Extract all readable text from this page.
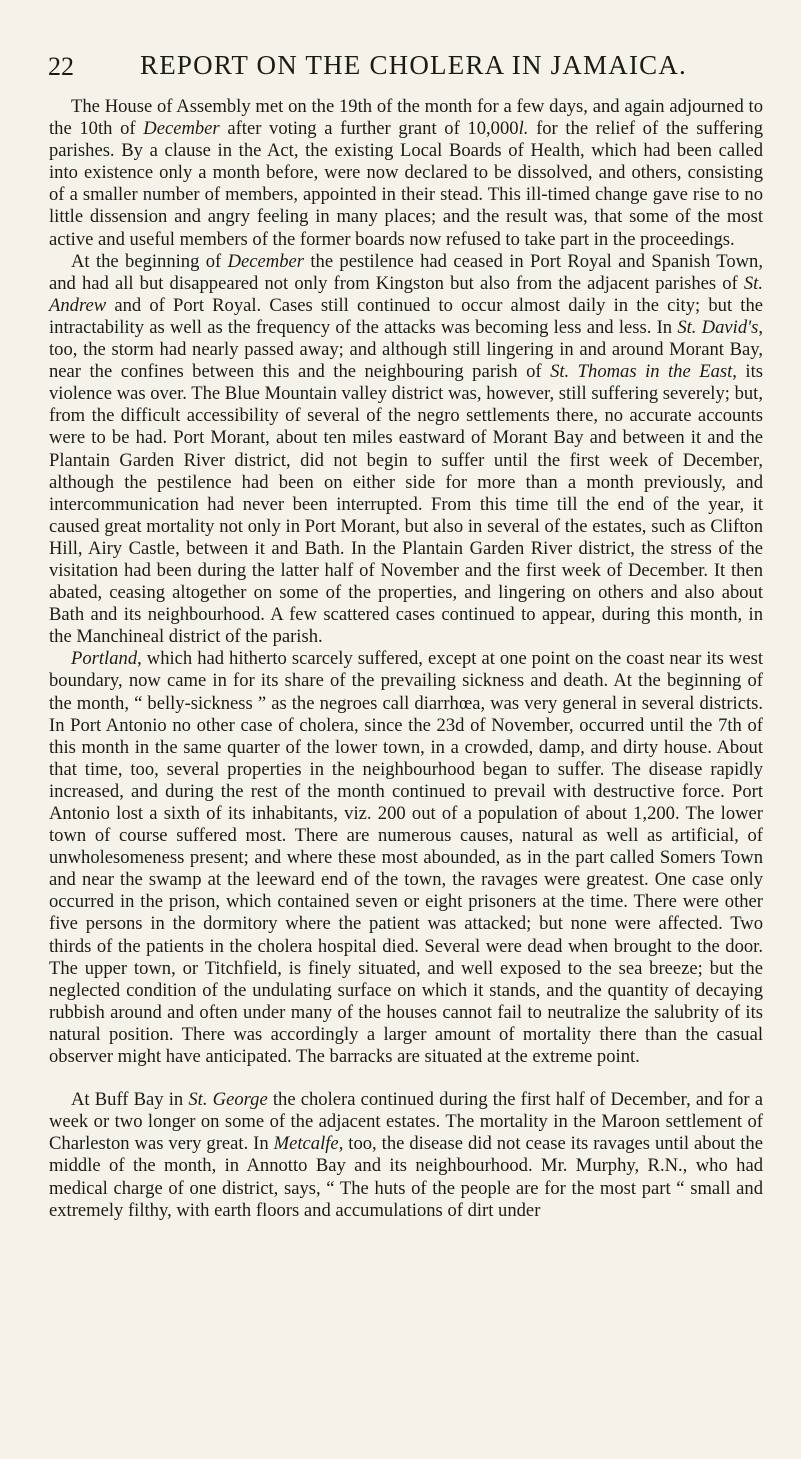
22 REPORT ON THE CHOLERA IN JAMAICA.

The House of Assembly met on the 19th of the month for a few days, and again adjourned to the 10th of December after voting a further grant of 10,000l. for the relief of the suffering parishes. By a clause in the Act, the existing Local Boards of Health, which had been called into existence only a month before, were now declared to be dissolved, and others, consisting of a smaller number of members, appointed in their stead. This ill-timed change gave rise to no little dissension and angry feeling in many places; and the result was, that some of the most active and useful members of the former boards now refused to take part in the proceedings.

At the beginning of December the pestilence had ceased in Port Royal and Spanish Town, and had all but disappeared not only from Kingston but also from the adjacent parishes of St. Andrew and of Port Royal. Cases still continued to occur almost daily in the city; but the intractability as well as the frequency of the attacks was becoming less and less. In St. David's, too, the storm had nearly passed away; and although still lingering in and around Morant Bay, near the confines between this and the neighbouring parish of St. Thomas in the East, its violence was over. The Blue Mountain valley district was, however, still suffering severely; but, from the difficult accessibility of several of the negro settlements there, no accurate accounts were to be had. Port Morant, about ten miles eastward of Morant Bay and between it and the Plantain Garden River district, did not begin to suffer until the first week of December, although the pestilence had been on either side for more than a month previously, and intercommunication had never been interrupted. From this time till the end of the year, it caused great mortality not only in Port Morant, but also in several of the estates, such as Clifton Hill, Airy Castle, between it and Bath. In the Plantain Garden River district, the stress of the visitation had been during the latter half of November and the first week of December. It then abated, ceasing altogether on some of the properties, and lingering on others and also about Bath and its neighbourhood. A few scattered cases continued to appear, during this month, in the Manchineal district of the parish.

Portland, which had hitherto scarcely suffered, except at one point on the coast near its west boundary, now came in for its share of the prevailing sickness and death. At the beginning of the month, “ belly-sickness ” as the negroes call diarrhœa, was very general in several districts. In Port Antonio no other case of cholera, since the 23d of November, occurred until the 7th of this month in the same quarter of the lower town, in a crowded, damp, and dirty house. About that time, too, several properties in the neighbourhood began to suffer. The disease rapidly increased, and during the rest of the month continued to prevail with destructive force. Port Antonio lost a sixth of its inhabitants, viz. 200 out of a population of about 1,200. The lower town of course suffered most. There are numerous causes, natural as well as artificial, of unwholesomeness present; and where these most abounded, as in the part called Somers Town and near the swamp at the leeward end of the town, the ravages were greatest. One case only occurred in the prison, which contained seven or eight prisoners at the time. There were other five persons in the dormitory where the patient was attacked; but none were affected. Two thirds of the patients in the cholera hospital died. Several were dead when brought to the door. The upper town, or Titchfield, is finely situated, and well exposed to the sea breeze; but the neglected condition of the undulating surface on which it stands, and the quantity of decaying rubbish around and often under many of the houses cannot fail to neutralize the salubrity of its natural position. There was accordingly a larger amount of mortality there than the casual observer might have anticipated. The barracks are situated at the extreme point.

At Buff Bay in St. George the cholera continued during the first half of December, and for a week or two longer on some of the adjacent estates. The mortality in the Maroon settlement of Charleston was very great. In Metcalfe, too, the disease did not cease its ravages until about the middle of the month, in Annotto Bay and its neighbourhood. Mr. Murphy, R.N., who had medical charge of one district, says, “ The huts of the people are for the most part “ small and extremely filthy, with earth floors and accumulations of dirt under
